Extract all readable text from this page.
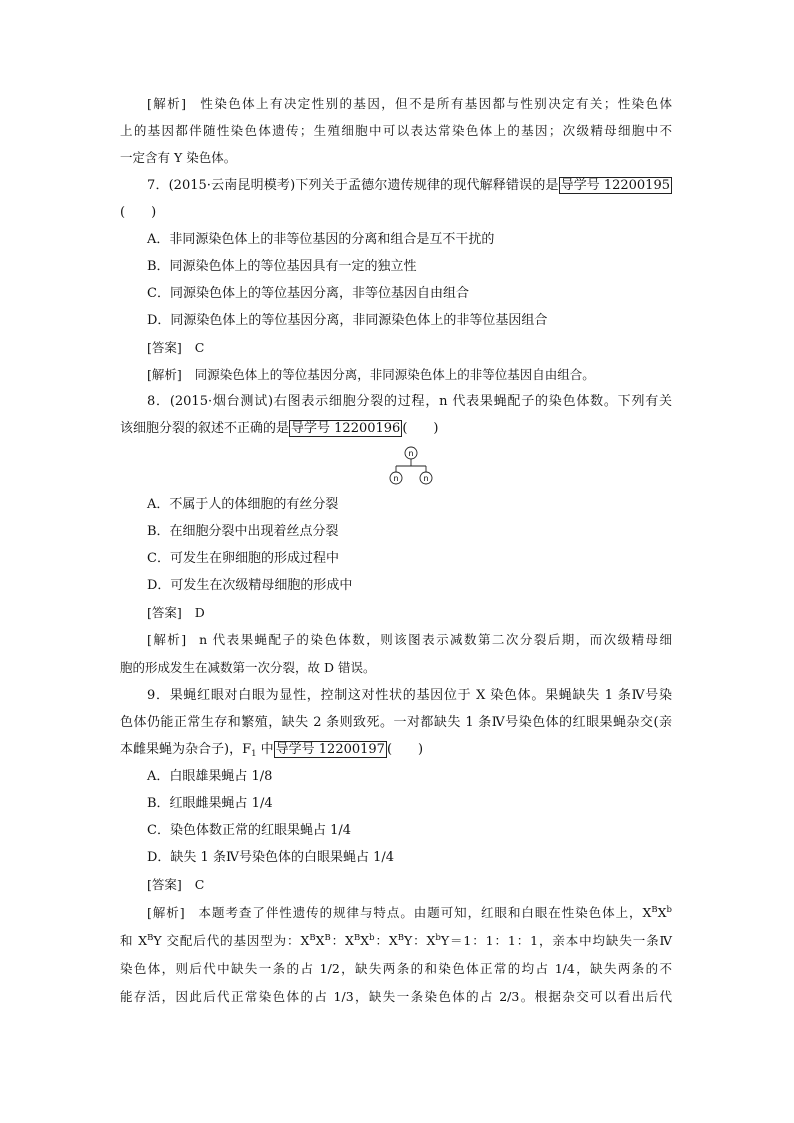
[解析] 性染色体上有决定性别的基因，但不是所有基因都与性别决定有关；性染色体
上的基因都伴随性染色体遗传；生殖细胞中可以表达常染色体上的基因；次级精母细胞中不
一定含有 Y 染色体。
7．(2015·云南昆明模考)下列关于孟德尔遗传规律的现代解释错误的是 导学号 12200195
(　　)
A．非同源染色体上的非等位基因的分离和组合是互不干扰的
B．同源染色体上的等位基因具有一定的独立性
C．同源染色体上的等位基因分离，非等位基因自由组合
D．同源染色体上的等位基因分离，非同源染色体上的非等位基因组合
[答案] C
[解析] 同源染色体上的等位基因分离，非同源染色体上的非等位基因自由组合。
8．(2015·烟台测试)右图表示细胞分裂的过程，n 代表果蝇配子的染色体数。下列有关
该细胞分裂的叙述不正确的是 导学号 12200196 (　　)
n
n	n
A．不属于人的体细胞的有丝分裂
B．在细胞分裂中出现着丝点分裂
C．可发生在卵细胞的形成过程中
D．可发生在次级精母细胞的形成中
[答案] D
[解析] n 代表果蝇配子的染色体数，则该图表示减数第二次分裂后期，而次级精母细
胞的形成发生在减数第一次分裂，故 D 错误。
9．果蝇红眼对白眼为显性，控制这对性状的基因位于 X 染色体。果蝇缺失 1 条Ⅳ号染
色体仍能正常生存和繁殖，缺失 2 条则致死。一对都缺失 1 条Ⅳ号染色体的红眼果蝇杂交(亲
本雌果蝇为杂合子)，$F_1$ 中 导学号 12200197 (　　)
A．白眼雄果蝇占 1/8
B．红眼雌果蝇占 1/4
C．染色体数正常的红眼果蝇占 1/4
D．缺失 1 条Ⅳ号染色体的白眼果蝇占 1/4
[答案] C
[解析] 本题考查了伴性遗传的规律与特点。由题可知，红眼和白眼在性染色体上，$X^BX^b$
和 $X^BY$ 交配后代的基因型为：$X^BX^B$：$X^BX^b$：$X^BY$：$X^bY=1$：1：1：1，亲本中均缺失一条Ⅳ
染色体，则后代中缺失一条的占 1/2，缺失两条的和染色体正常的均占 1/4，缺失两条的不
能存活，因此后代正常染色体的占 1/3，缺失一条染色体的占 2/3。根据杂交可以看出后代
